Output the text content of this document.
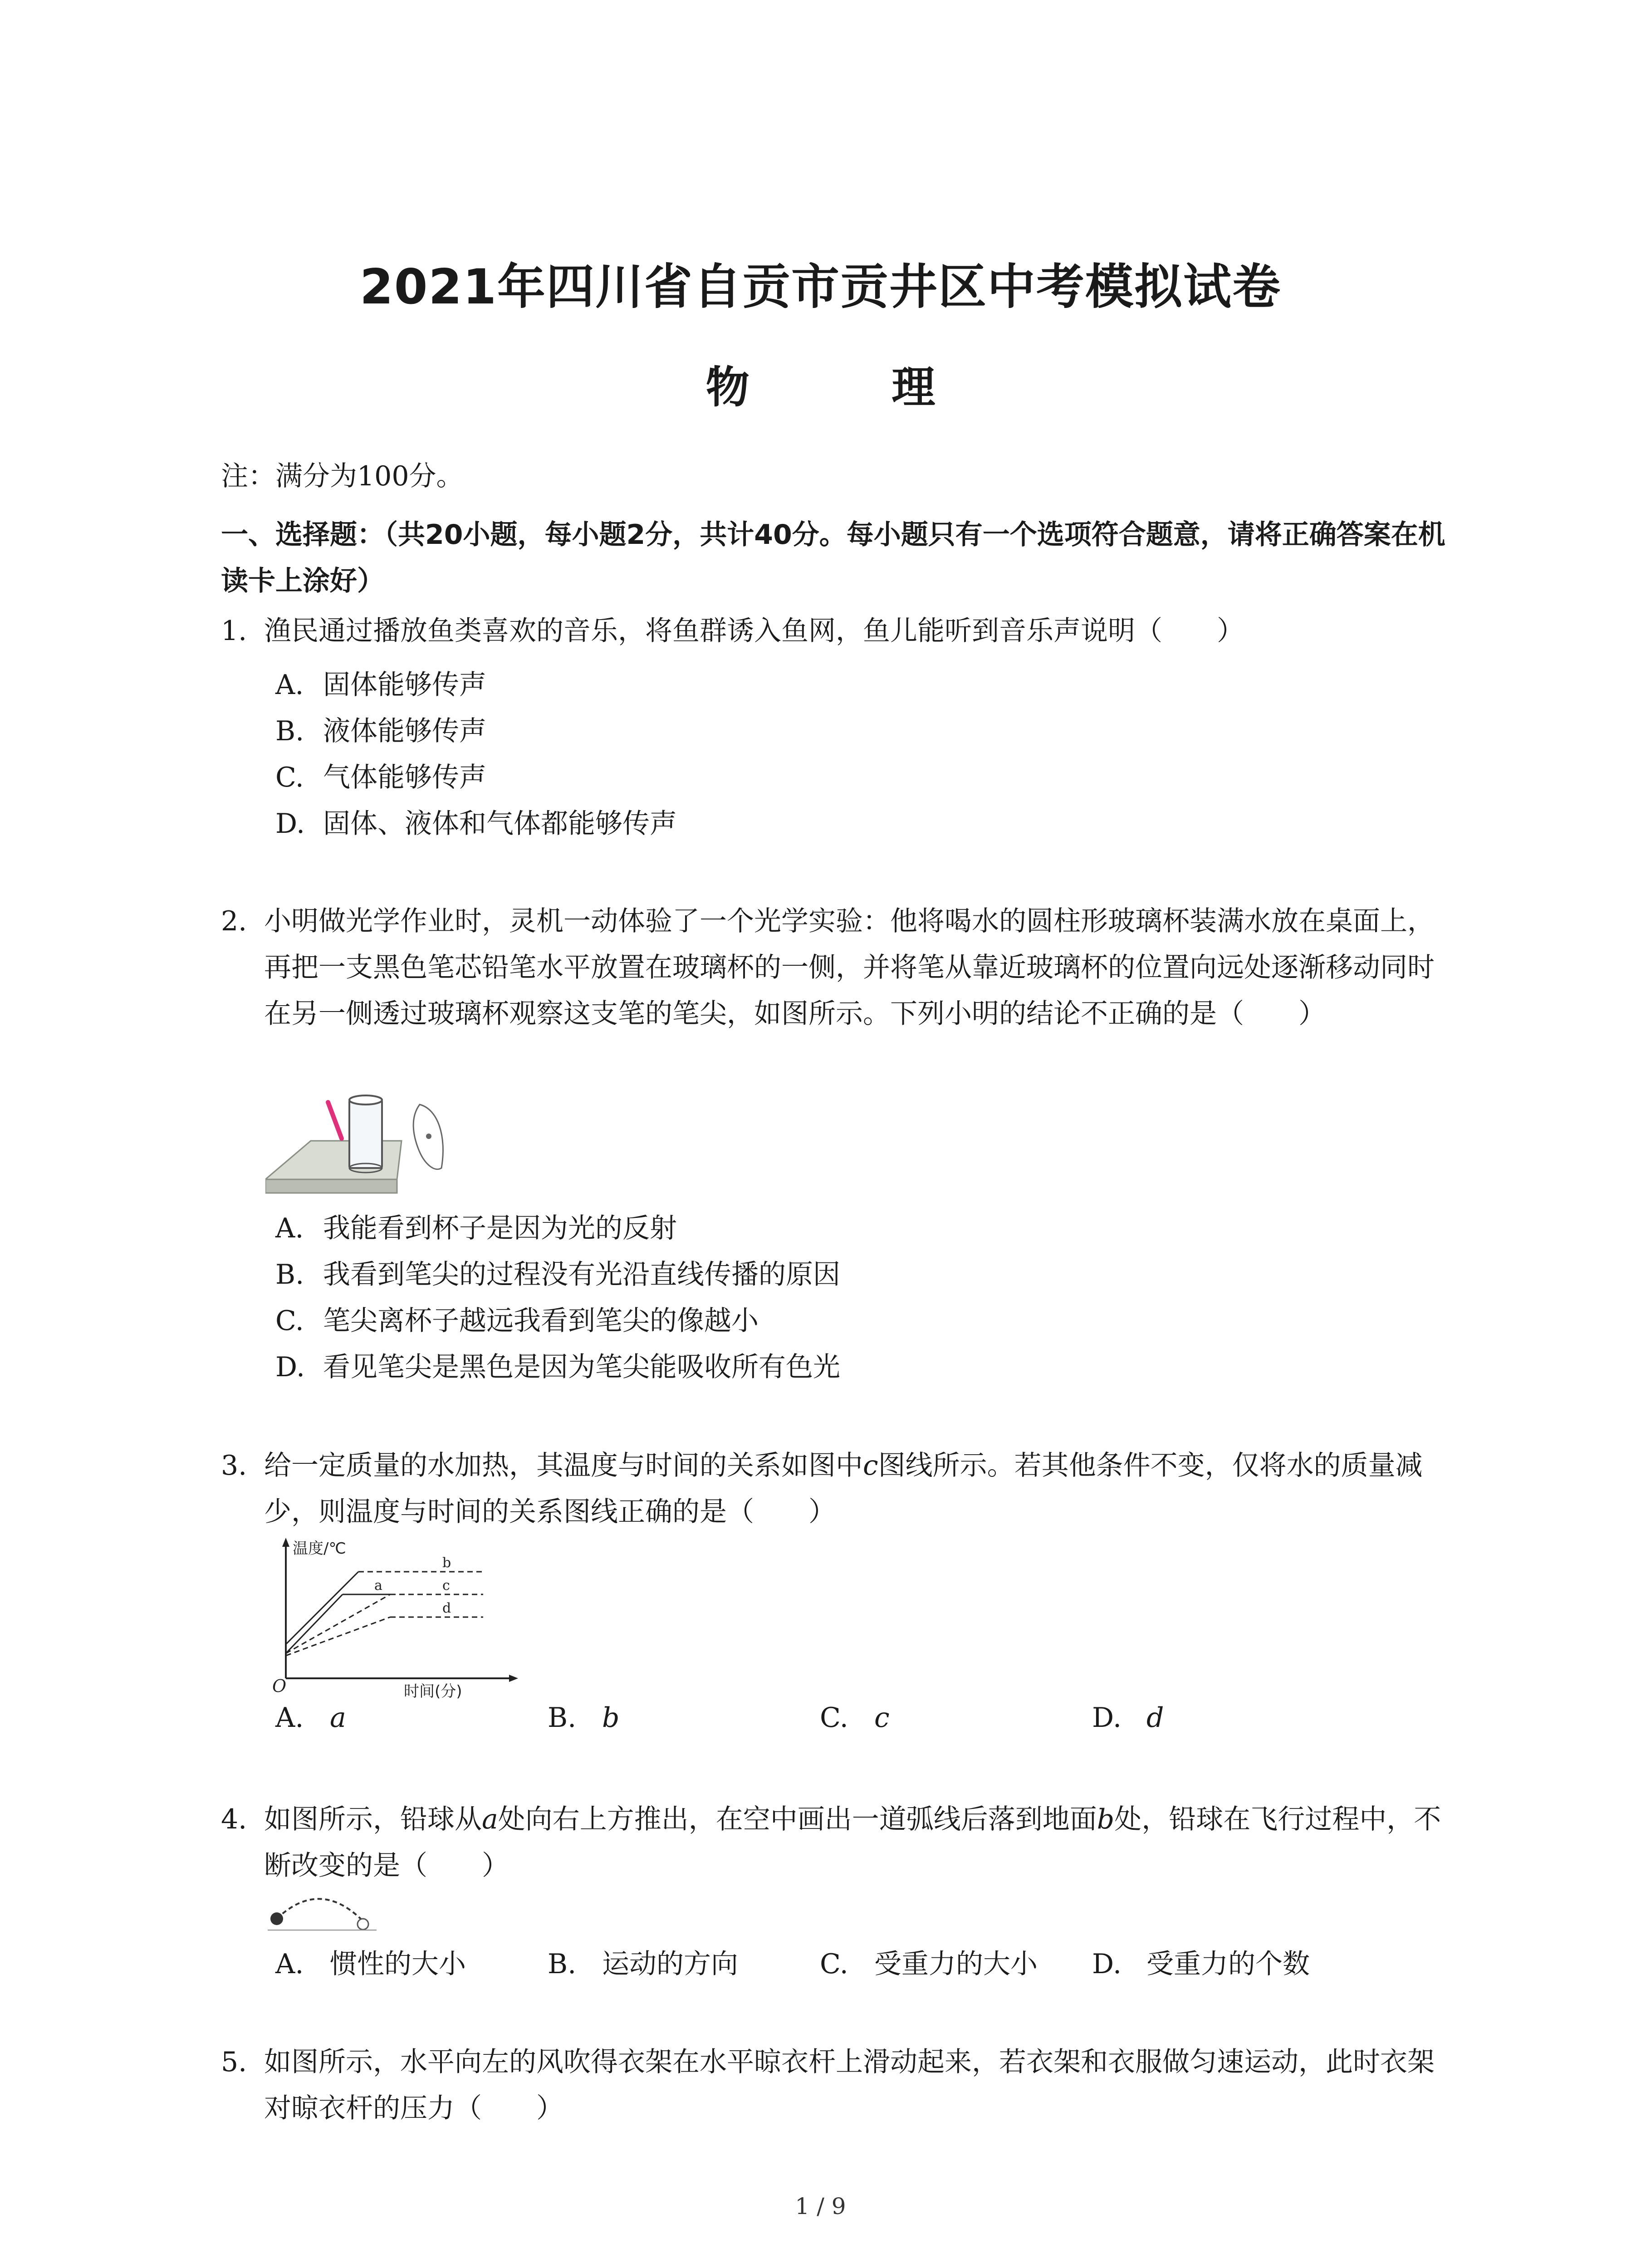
2021年四川省自贡市贡井区中考模拟试卷
物 理
注：满分为100分。
一、选择题：（共20小题，每小题2分，共计40分。每小题只有一个选项符合题意，请将正确答案在机读卡上涂好）
1. 渔民通过播放鱼类喜欢的音乐，将鱼群诱入鱼网，鱼儿能听到音乐声说明（　　）
A. 固体能够传声
B. 液体能够传声
C. 气体能够传声
D. 固体、液体和气体都能够传声
2. 小明做光学作业时，灵机一动体验了一个光学实验：他将喝水的圆柱形玻璃杯装满水放在桌面上，再把一支黑色笔芯铅笔水平放置在玻璃杯的一侧，并将笔从靠近玻璃杯的位置向远处逐渐移动同时在另一侧透过玻璃杯观察这支笔的笔尖，如图所示。下列小明的结论不正确的是（　　）
A. 我能看到杯子是因为光的反射
B. 我看到笔尖的过程没有光沿直线传播的原因
C. 笔尖离杯子越远我看到笔尖的像越小
D. 看见笔尖是黑色是因为笔尖能吸收所有色光
3. 给一定质量的水加热，其温度与时间的关系如图中c图线所示。若其他条件不变，仅将水的质量减少，则温度与时间的关系图线正确的是（　　）
温度/℃
时间(分)
O
b
a	c
d
A. a	B. b	C. c	D. d
4. 如图所示，铅球从a处向右上方推出，在空中画出一道弧线后落到地面b处，铅球在飞行过程中，不断改变的是（　　）
A. 惯性的大小	B. 运动的方向	C. 受重力的大小 D. 受重力的个数
5. 如图所示，水平向左的风吹得衣架在水平晾衣杆上滑动起来，若衣架和衣服做匀速运动，此时衣架对晾衣杆的压力（　　）
1 / 9
